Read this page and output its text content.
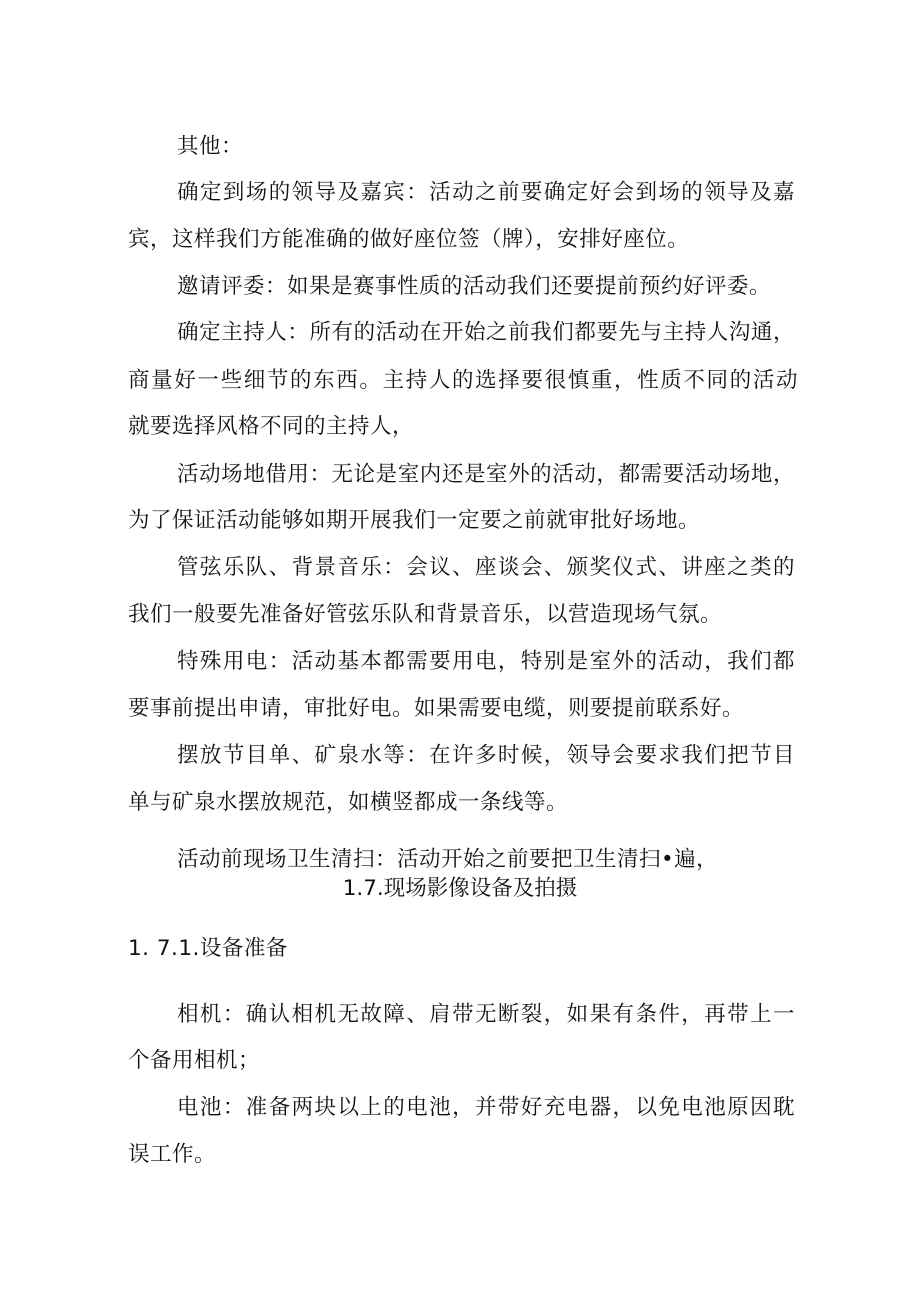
其他：
确定到场的领导及嘉宾：活动之前要确定好会到场的领导及嘉
宾，这样我们方能准确的做好座位签（牌），安排好座位。
邀请评委：如果是赛事性质的活动我们还要提前预约好评委。
确定主持人：所有的活动在开始之前我们都要先与主持人沟通，
商量好一些细节的东西。主持人的选择要很慎重，性质不同的活动
就要选择风格不同的主持人，
活动场地借用：无论是室内还是室外的活动，都需要活动场地，
为了保证活动能够如期开展我们一定要之前就审批好场地。
管弦乐队、背景音乐：会议、座谈会、颁奖仪式、讲座之类的
我们一般要先准备好管弦乐队和背景音乐，以营造现场气氛。
特殊用电：活动基本都需要用电，特别是室外的活动，我们都
要事前提出申请，审批好电。如果需要电缆，则要提前联系好。
摆放节目单、矿泉水等：在许多时候，领导会要求我们把节目
单与矿泉水摆放规范，如横竖都成一条线等。
活动前现场卫生清扫：活动开始之前要把卫生清扫•遍，
1.7.现场影像设备及拍摄
1. 7.1.设备准备
相机：确认相机无故障、肩带无断裂，如果有条件，再带上一
个备用相机；
电池：准备两块以上的电池，并带好充电器，以免电池原因耽
误工作。
